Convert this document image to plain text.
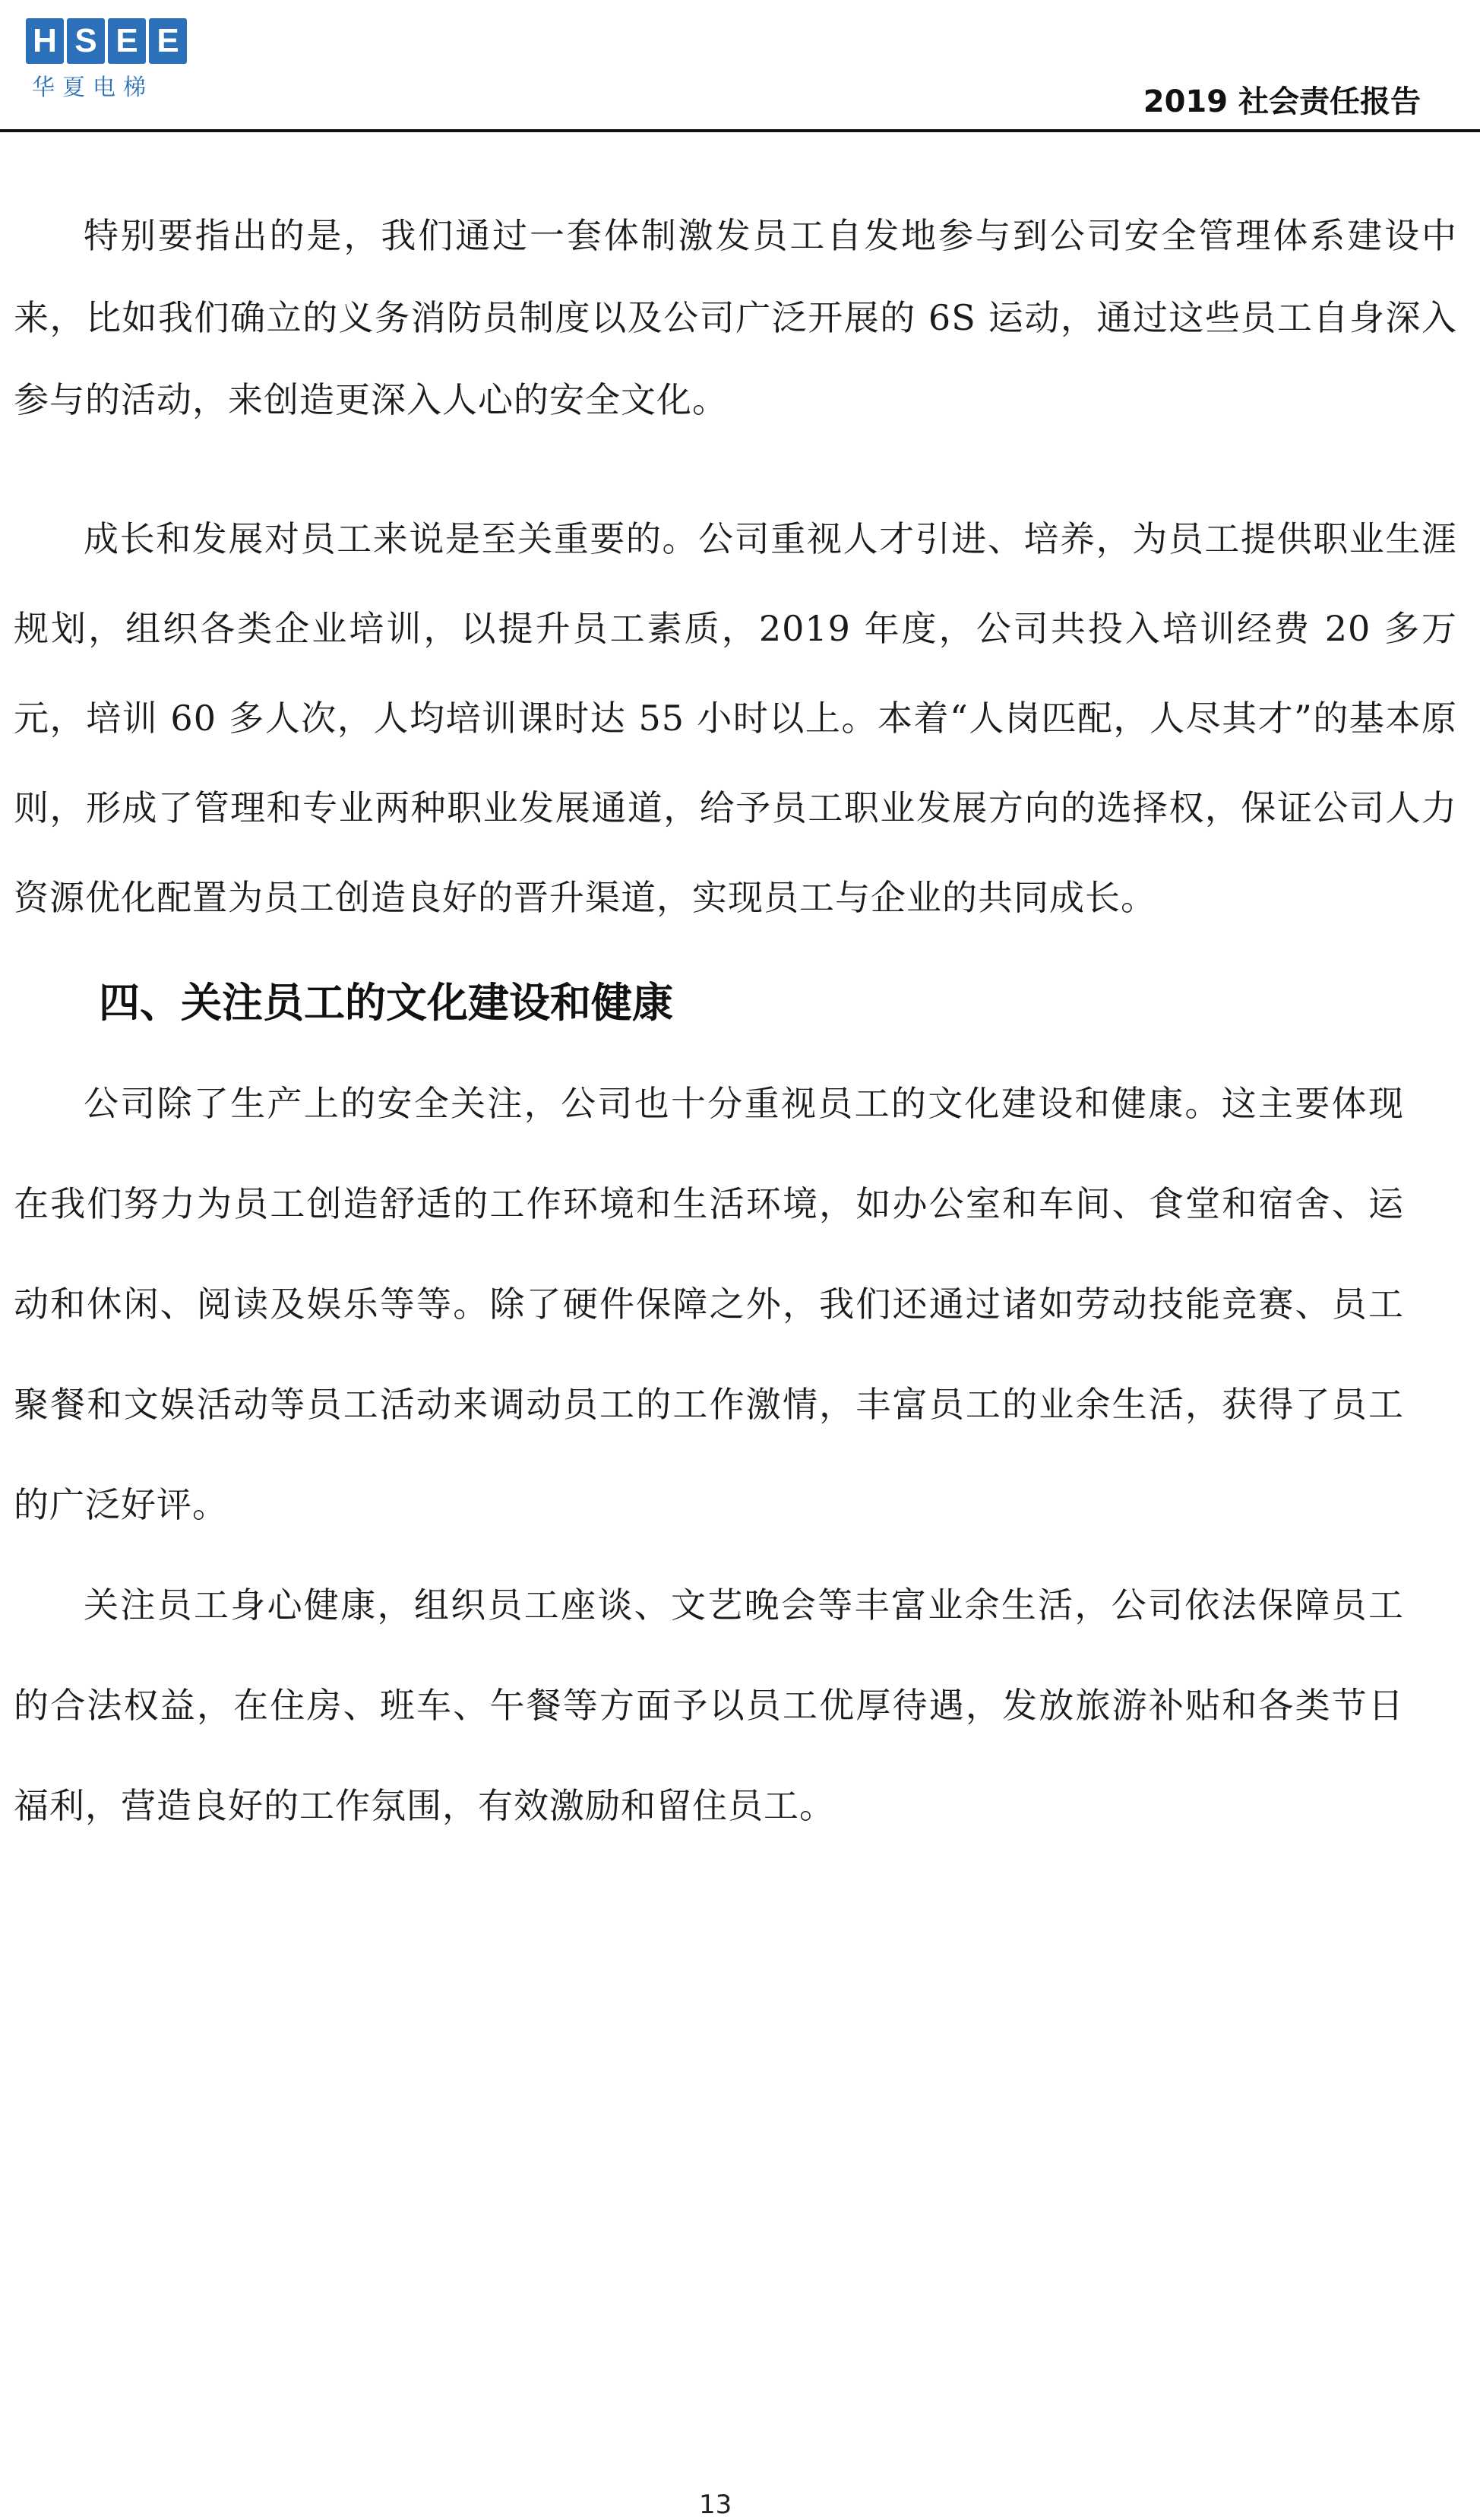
H S E E
华夏电梯	2019 社会责任报告

特别要指出的是，我们通过一套体制激发员工自发地参与到公司安全管理体系建设中来，比如我们确立的义务消防员制度以及公司广泛开展的 6S 运动，通过这些员工自身深入参与的活动，来创造更深入人心的安全文化。

成长和发展对员工来说是至关重要的。公司重视人才引进、培养，为员工提供职业生涯规划，组织各类企业培训，以提升员工素质，2019 年度，公司共投入培训经费 20 多万元，培训 60 多人次，人均培训课时达 55 小时以上。本着“人岗匹配，人尽其才”的基本原则，形成了管理和专业两种职业发展通道，给予员工职业发展方向的选择权，保证公司人力资源优化配置为员工创造良好的晋升渠道，实现员工与企业的共同成长。

四、关注员工的文化建设和健康

公司除了生产上的安全关注，公司也十分重视员工的文化建设和健康。这主要体现在我们努力为员工创造舒适的工作环境和生活环境，如办公室和车间、食堂和宿舍、运动和休闲、阅读及娱乐等等。除了硬件保障之外，我们还通过诸如劳动技能竞赛、员工聚餐和文娱活动等员工活动来调动员工的工作激情，丰富员工的业余生活，获得了员工的广泛好评。

关注员工身心健康，组织员工座谈、文艺晚会等丰富业余生活，公司依法保障员工的合法权益，在住房、班车、午餐等方面予以员工优厚待遇，发放旅游补贴和各类节日福利，营造良好的工作氛围，有效激励和留住员工。

13
